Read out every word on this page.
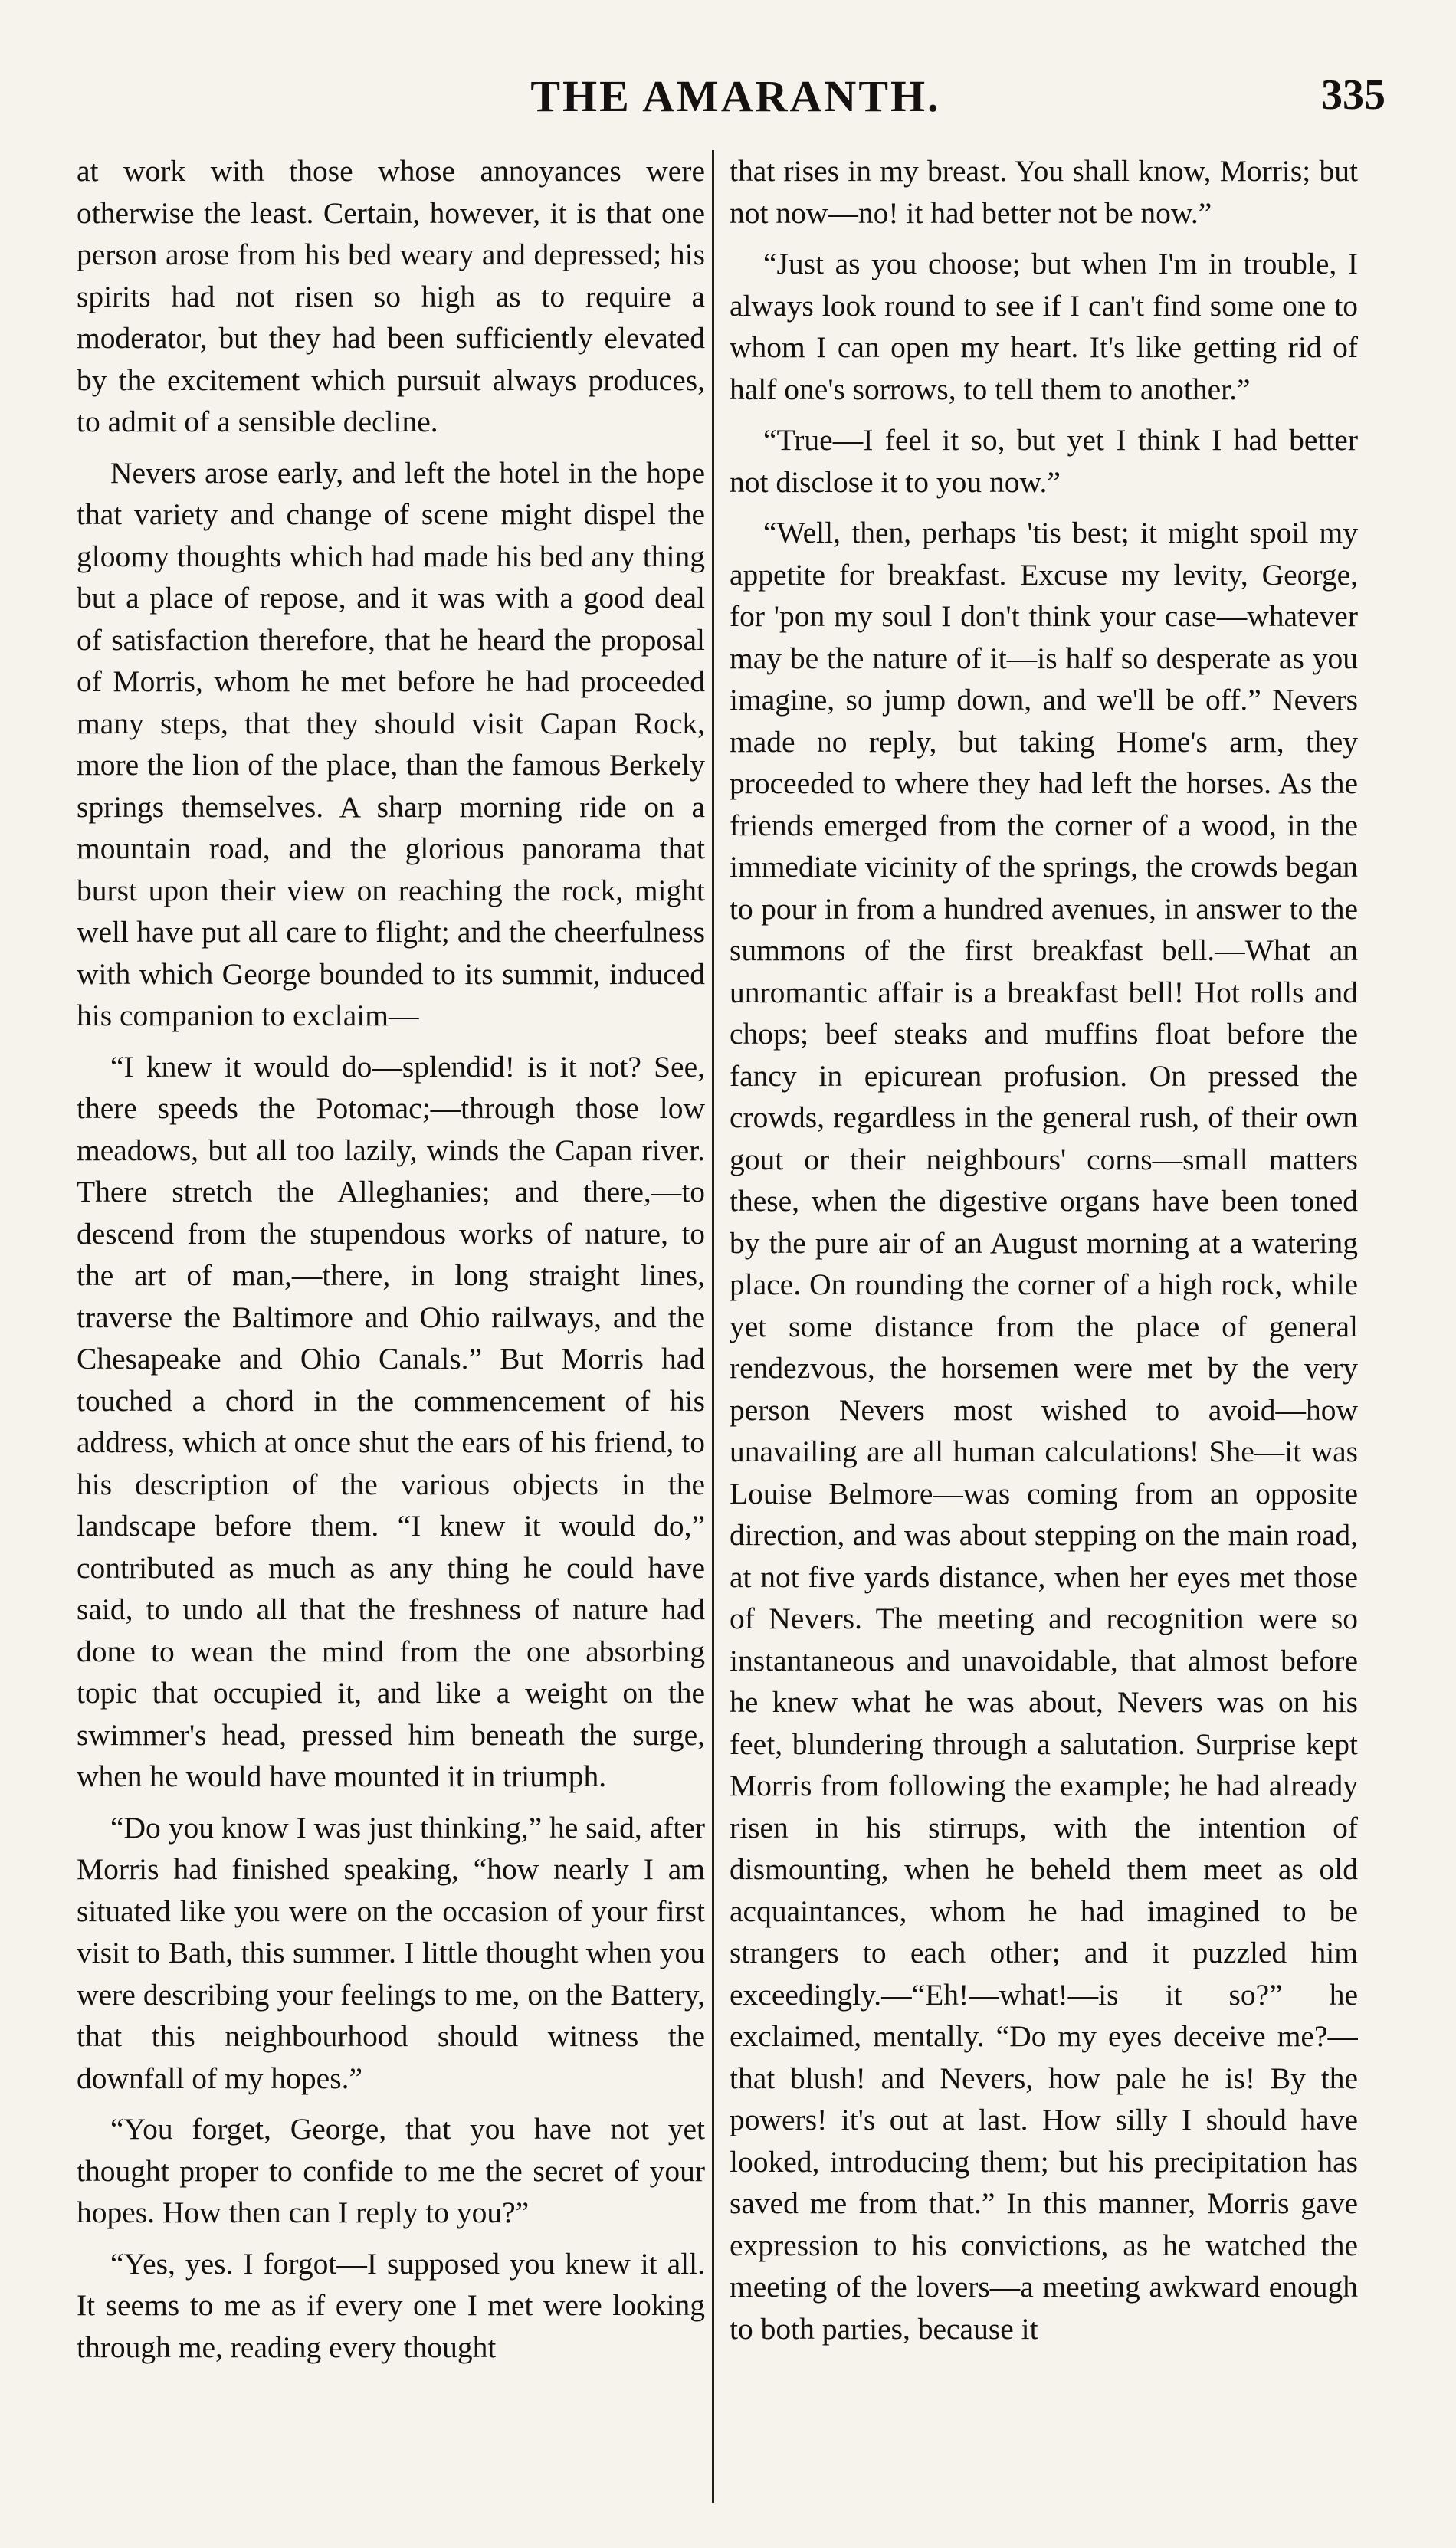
THE AMARANTH.	335

at work with those whose annoyances were otherwise the least. Certain, however, it is that one person arose from his bed weary and depressed; his spirits had not risen so high as to require a moderator, but they had been sufficiently elevated by the excitement which pursuit always produces, to admit of a sensible decline.

Nevers arose early, and left the hotel in the hope that variety and change of scene might dispel the gloomy thoughts which had made his bed any thing but a place of repose, and it was with a good deal of satisfaction therefore, that he heard the proposal of Morris, whom he met before he had proceeded many steps, that they should visit Capan Rock, more the lion of the place, than the famous Berkely springs themselves. A sharp morning ride on a mountain road, and the glorious panorama that burst upon their view on reaching the rock, might well have put all care to flight; and the cheerfulness with which George bounded to its summit, induced his companion to exclaim—

“I knew it would do—splendid! is it not? See, there speeds the Potomac;—through those low meadows, but all too lazily, winds the Capan river. There stretch the Alleghanies; and there,—to descend from the stupendous works of nature, to the art of man,—there, in long straight lines, traverse the Baltimore and Ohio railways, and the Chesapeake and Ohio Canals.” But Morris had touched a chord in the commencement of his address, which at once shut the ears of his friend, to his description of the various objects in the landscape before them. “I knew it would do,” contributed as much as any thing he could have said, to undo all that the freshness of nature had done to wean the mind from the one absorbing topic that occupied it, and like a weight on the swimmer's head, pressed him beneath the surge, when he would have mounted it in triumph.

“Do you know I was just thinking,” he said, after Morris had finished speaking, “how nearly I am situated like you were on the occasion of your first visit to Bath, this summer. I little thought when you were describing your feelings to me, on the Battery, that this neighbourhood should witness the downfall of my hopes.”

“You forget, George, that you have not yet thought proper to confide to me the secret of your hopes. How then can I reply to you?”

“Yes, yes. I forgot—I supposed you knew it all. It seems to me as if every one I met were looking through me, reading every thought

that rises in my breast. You shall know, Morris; but not now—no! it had better not be now.”

“Just as you choose; but when I'm in trouble, I always look round to see if I can't find some one to whom I can open my heart. It's like getting rid of half one's sorrows, to tell them to another.”

“True—I feel it so, but yet I think I had better not disclose it to you now.”

“Well, then, perhaps 'tis best; it might spoil my appetite for breakfast. Excuse my levity, George, for 'pon my soul I don't think your case—whatever may be the nature of it—is half so desperate as you imagine, so jump down, and we'll be off.” Nevers made no reply, but taking Home's arm, they proceeded to where they had left the horses. As the friends emerged from the corner of a wood, in the immediate vicinity of the springs, the crowds began to pour in from a hundred avenues, in answer to the summons of the first breakfast bell.—What an unromantic affair is a breakfast bell! Hot rolls and chops; beef steaks and muffins float before the fancy in epicurean profusion. On pressed the crowds, regardless in the general rush, of their own gout or their neighbours' corns—small matters these, when the digestive organs have been toned by the pure air of an August morning at a watering place. On rounding the corner of a high rock, while yet some distance from the place of general rendezvous, the horsemen were met by the very person Nevers most wished to avoid—how unavailing are all human calculations! She—it was Louise Belmore—was coming from an opposite direction, and was about stepping on the main road, at not five yards distance, when her eyes met those of Nevers. The meeting and recognition were so instantaneous and unavoidable, that almost before he knew what he was about, Nevers was on his feet, blundering through a salutation. Surprise kept Morris from following the example; he had already risen in his stirrups, with the intention of dismounting, when he beheld them meet as old acquaintances, whom he had imagined to be strangers to each other; and it puzzled him exceedingly.—“Eh!—what!—is it so?” he exclaimed, mentally. “Do my eyes deceive me?—that blush! and Nevers, how pale he is! By the powers! it's out at last. How silly I should have looked, introducing them; but his precipitation has saved me from that.” In this manner, Morris gave expression to his convictions, as he watched the meeting of the lovers—a meeting awkward enough to both parties, because it
